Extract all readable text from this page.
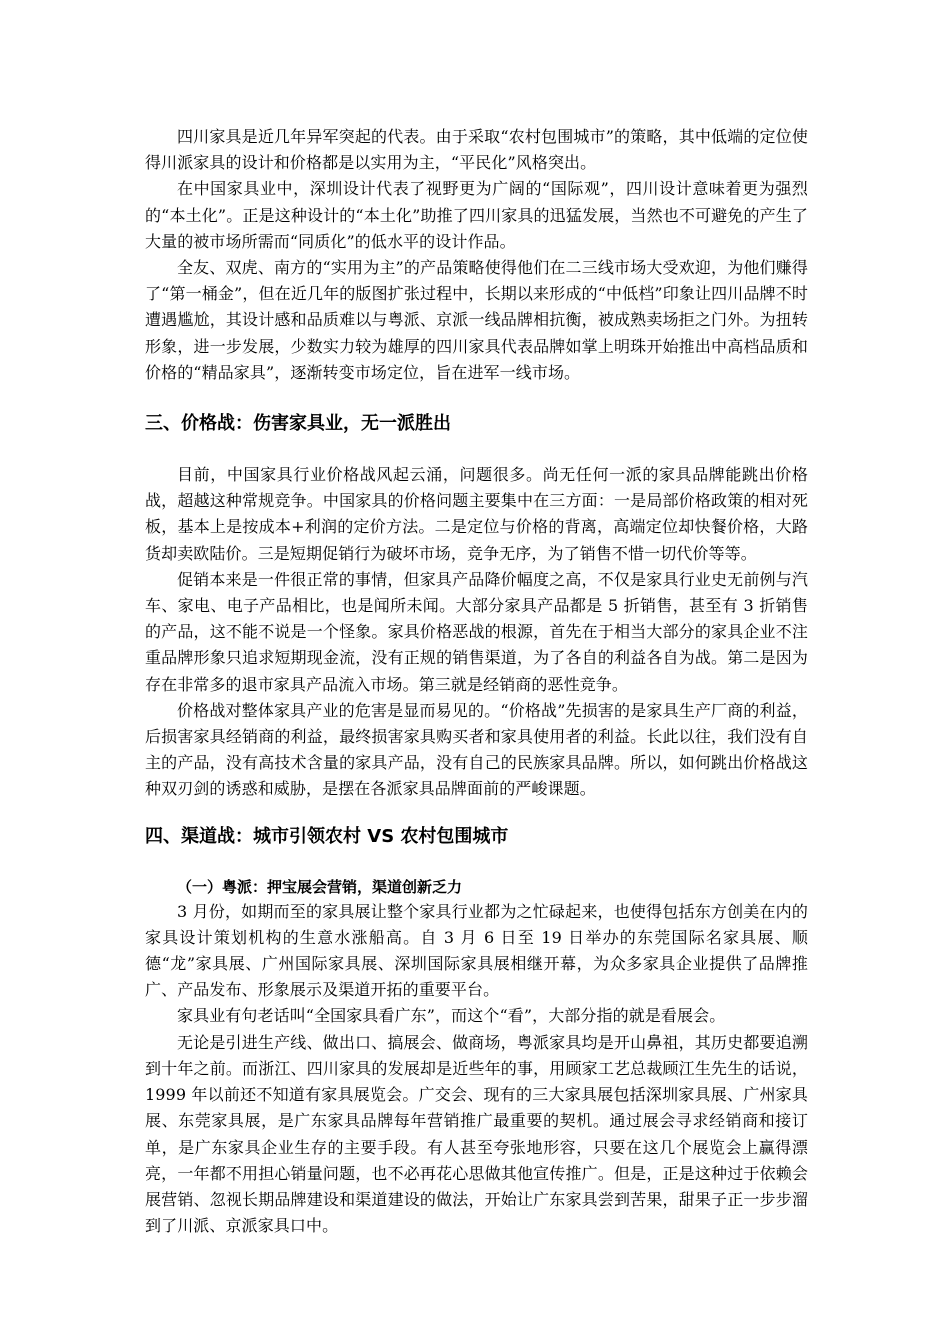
四川家具是近几年异军突起的代表。由于采取“农村包围城市”的策略，其中低端的定位使得川派家具的设计和价格都是以实用为主，“平民化”风格突出。

在中国家具业中，深圳设计代表了视野更为广阔的“国际观”，四川设计意味着更为强烈的“本土化”。正是这种设计的“本土化”助推了四川家具的迅猛发展，当然也不可避免的产生了大量的被市场所需而“同质化”的低水平的设计作品。

全友、双虎、南方的“实用为主”的产品策略使得他们在二三线市场大受欢迎，为他们赚得了“第一桶金”，但在近几年的版图扩张过程中，长期以来形成的“中低档”印象让四川品牌不时遭遇尴尬，其设计感和品质难以与粤派、京派一线品牌相抗衡，被成熟卖场拒之门外。为扭转形象，进一步发展，少数实力较为雄厚的四川家具代表品牌如掌上明珠开始推出中高档品质和价格的“精品家具”，逐渐转变市场定位，旨在进军一线市场。

三、价格战：伤害家具业，无一派胜出

目前，中国家具行业价格战风起云涌，问题很多。尚无任何一派的家具品牌能跳出价格战，超越这种常规竞争。中国家具的价格问题主要集中在三方面：一是局部价格政策的相对死板，基本上是按成本+利润的定价方法。二是定位与价格的背离，高端定位却快餐价格，大路货却卖欧陆价。三是短期促销行为破坏市场，竞争无序，为了销售不惜一切代价等等。

促销本来是一件很正常的事情，但家具产品降价幅度之高，不仅是家具行业史无前例与汽车、家电、电子产品相比，也是闻所未闻。大部分家具产品都是 5 折销售，甚至有 3 折销售的产品，这不能不说是一个怪象。家具价格恶战的根源，首先在于相当大部分的家具企业不注重品牌形象只追求短期现金流，没有正规的销售渠道，为了各自的利益各自为战。第二是因为存在非常多的退市家具产品流入市场。第三就是经销商的恶性竞争。

价格战对整体家具产业的危害是显而易见的。“价格战”先损害的是家具生产厂商的利益，后损害家具经销商的利益，最终损害家具购买者和家具使用者的利益。长此以往，我们没有自主的产品，没有高技术含量的家具产品，没有自己的民族家具品牌。所以，如何跳出价格战这种双刃剑的诱惑和威胁，是摆在各派家具品牌面前的严峻课题。

四、渠道战：城市引领农村 VS 农村包围城市
（一）粤派：押宝展会营销，渠道创新乏力

3 月份，如期而至的家具展让整个家具行业都为之忙碌起来，也使得包括东方创美在内的家具设计策划机构的生意水涨船高。自 3 月 6 日至 19 日举办的东莞国际名家具展、顺德“龙”家具展、广州国际家具展、深圳国际家具展相继开幕，为众多家具企业提供了品牌推广、产品发布、形象展示及渠道开拓的重要平台。

家具业有句老话叫“全国家具看广东”，而这个“看”，大部分指的就是看展会。

无论是引进生产线、做出口、搞展会、做商场，粤派家具均是开山鼻祖，其历史都要追溯到十年之前。而浙江、四川家具的发展却是近些年的事，用顾家工艺总裁顾江生先生的话说，1999 年以前还不知道有家具展览会。广交会、现有的三大家具展包括深圳家具展、广州家具展、东莞家具展，是广东家具品牌每年营销推广最重要的契机。通过展会寻求经销商和接订单，是广东家具企业生存的主要手段。有人甚至夸张地形容，只要在这几个展览会上赢得漂亮，一年都不用担心销量问题，也不必再花心思做其他宣传推广。但是，正是这种过于依赖会展营销、忽视长期品牌建设和渠道建设的做法，开始让广东家具尝到苦果，甜果子正一步步溜到了川派、京派家具口中。
